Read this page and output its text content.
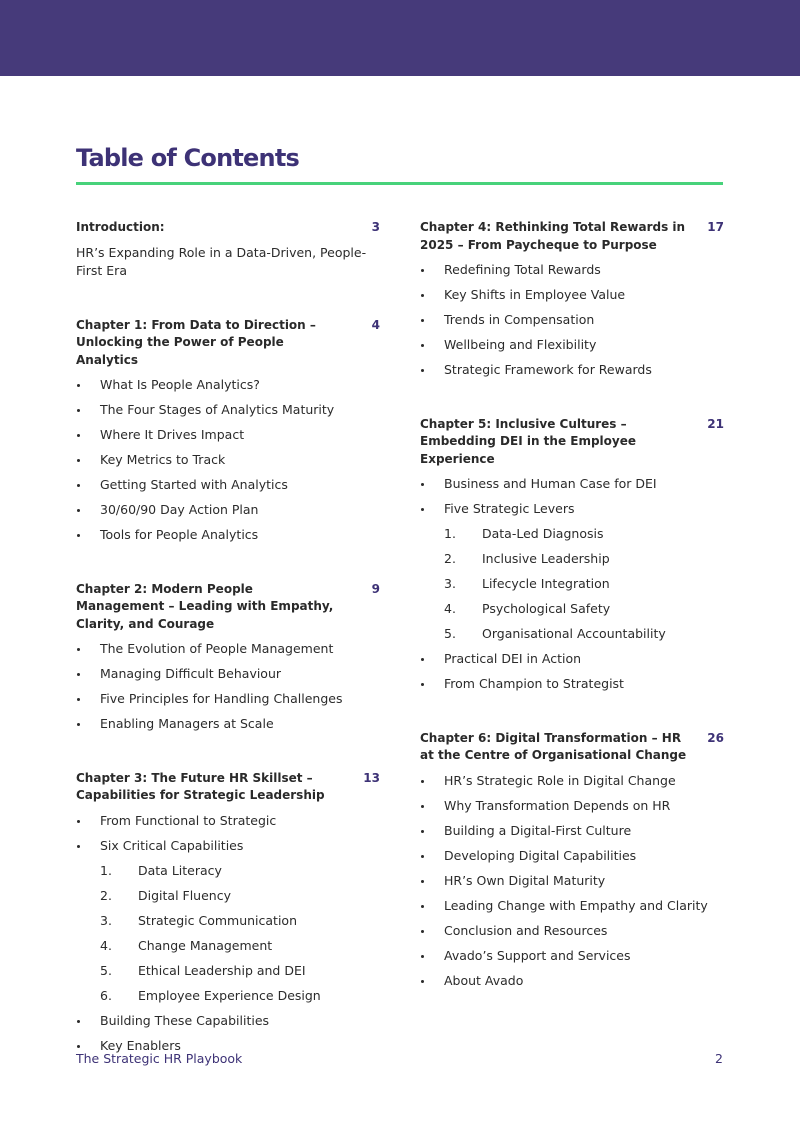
Table of Contents
Introduction:	3
HR’s Expanding Role in a Data-Driven, People-First Era
Chapter 1: From Data to Direction – Unlocking the Power of People Analytics
4
What Is People Analytics?
The Four Stages of Analytics Maturity
Where It Drives Impact
Key Metrics to Track
Getting Started with Analytics
30/60/90 Day Action Plan
Tools for People Analytics
Chapter 2: Modern People Management – Leading with Empathy, Clarity, and Courage
9
The Evolution of People Management
Managing Difficult Behaviour
Five Principles for Handling Challenges
Enabling Managers at Scale
Chapter 3: The Future HR Skillset – Capabilities for Strategic Leadership
13
From Functional to Strategic
Six Critical Capabilities
1. Data Literacy
2. Digital Fluency
3. Strategic Communication
4. Change Management
5. Ethical Leadership and DEI
6. Employee Experience Design
Building These Capabilities
Key Enablers
Chapter 4: Rethinking Total Rewards in 2025 – From Paycheque to Purpose
17
Redefining Total Rewards
Key Shifts in Employee Value
Trends in Compensation
Wellbeing and Flexibility
Strategic Framework for Rewards
Chapter 5: Inclusive Cultures – Embedding DEI in the Employee Experience
21
Business and Human Case for DEI
Five Strategic Levers
1. Data-Led Diagnosis
2. Inclusive Leadership
3. Lifecycle Integration
4. Psychological Safety
5. Organisational Accountability
Practical DEI in Action
From Champion to Strategist
Chapter 6: Digital Transformation – HR at the Centre of Organisational Change
26
HR’s Strategic Role in Digital Change
Why Transformation Depends on HR
Building a Digital-First Culture
Developing Digital Capabilities
HR’s Own Digital Maturity
Leading Change with Empathy and Clarity
Conclusion and Resources
Avado’s Support and Services
About Avado
The Strategic HR Playbook	2
